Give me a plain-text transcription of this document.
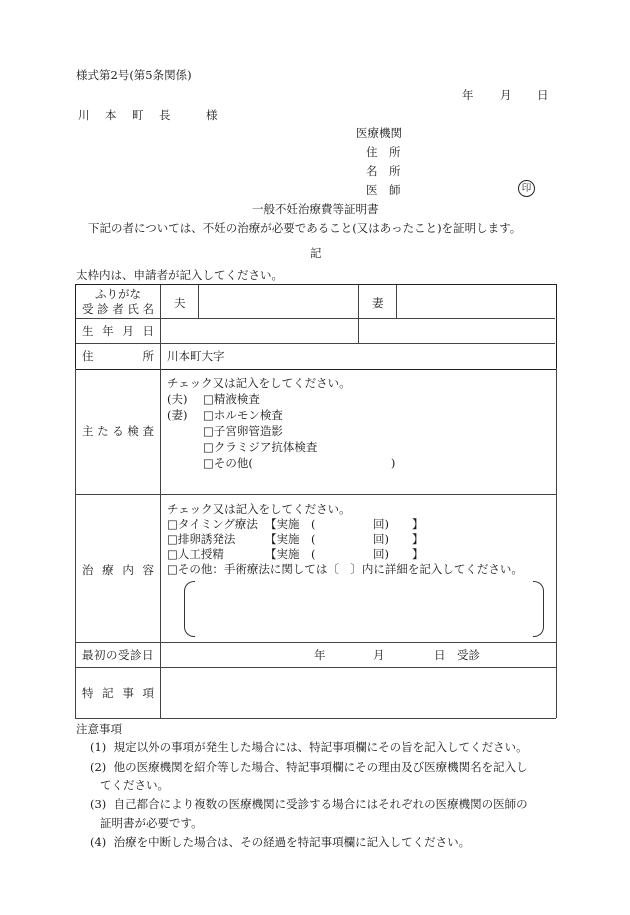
様式第2号(第5条関係)
年 月 日
川　本　町　長	様
医療機関
住　所
名　所
医　師	印
一般不妊治療費等証明書
下記の者については、不妊の治療が必要であること(又はあったこと)を証明します。
記
太枠内は、申請者が記入してください。
ふりがな
受診者氏名 夫	妻
生年月日
住所 川本町大字
主たる検査
チェック又は記入をしてください。
(夫) □精液検査
(妻) □ホルモン検査
□子宮卵管造影
□クラミジア抗体検査
□その他(　　　　　　　　　　　　)
治療内容
チェック又は記入をしてください。
□タイミング療法 【実施　(　　　　　回)　　】
□排卵誘発法	【実施　(　　　　　回)　　】
□人工授精	【実施　(　　　　　回)　　】
□その他：手術療法に関しては〔　〕内に詳細を記入してください。
最初の受診日	年	月	日　受診
特記事項
注意事項
(1) 規定以外の事項が発生した場合には、特記事項欄にその旨を記入してください。
(2) 他の医療機関を紹介等した場合、特記事項欄にその理由及び医療機関名を記入し
てください。
(3) 自己都合により複数の医療機関に受診する場合にはそれぞれの医療機関の医師の
証明書が必要です。
(4) 治療を中断した場合は、その経過を特記事項欄に記入してください。
